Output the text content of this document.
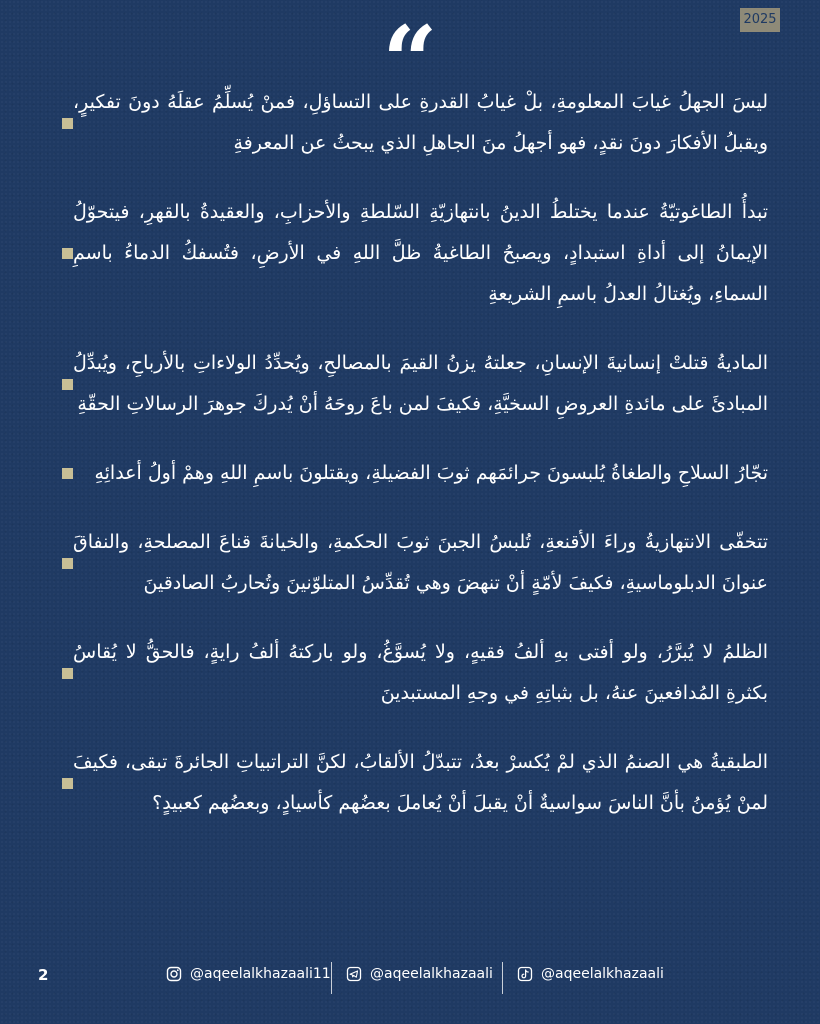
2025
“
ليسَ الجهلُ غيابَ المعلومةِ، بلْ غيابُ القدرةِ على التساؤلِ، فمنْ يُسلِّمُ عقلَهُ دونَ تفكيرٍ، ويقبلُ الأفكارَ دونَ نقدٍ، فهو أجهلُ منَ الجاهلِ الذي يبحثُ عن المعرفةِ
تبدأُ الطاغوتيّةُ عندما يختلطُ الدينُ بانتهازيّةِ السّلطةِ والأحزابِ، والعقيدةُ بالقهرِ، فيتحوّلُ الإيمانُ إلى أداةِ استبدادٍ، ويصبحُ الطاغيةُ ظلَّ اللهِ في الأرضِ، فتُسفكُ الدماءُ باسمِ السماءِ، ويُغتالُ العدلُ باسمِ الشريعةِ
الماديةُ قتلتْ إنسانيةَ الإنسانِ، جعلتهُ يزنُ القيمَ بالمصالحِ، ويُحدِّدُ الولاءاتِ بالأرباحِ، ويُبدِّلُ المبادئَ على مائدةِ العروضِ السخيَّةِ، فكيفَ لمن باعَ روحَهُ أنْ يُدركَ جوهرَ الرسالاتِ الحقّةِ
تجّارُ السلاحِ والطغاةُ يُلبسونَ جرائمَهم ثوبَ الفضيلةِ، ويقتلونَ باسمِ اللهِ وهمْ أولُ أعدائِهِ
تتخفّى الانتهازيةُ وراءَ الأقنعةِ، تُلبسُ الجبنَ ثوبَ الحكمةِ، والخيانةَ قناعَ المصلحةِ، والنفاقَ عنوانَ الدبلوماسيةِ، فكيفَ لأمّةٍ أنْ تنهضَ وهي تُقدِّسُ المتلوّنينَ وتُحاربُ الصادقينَ
الظلمُ لا يُبرَّرُ، ولو أفتى بهِ ألفُ فقيهٍ، ولا يُسوَّغُ، ولو باركتهُ ألفُ رايةٍ، فالحقُّ لا يُقاسُ بكثرةِ المُدافعينَ عنهُ، بل بثباتِهِ في وجهِ المستبدينَ
الطبقيةُ هي الصنمُ الذي لمْ يُكسرْ بعدُ، تتبدّلُ الألقابُ، لكنَّ التراتبياتِ الجائرةَ تبقى، فكيفَ لمنْ يُؤمنُ بأنَّ الناسَ سواسيةٌ أنْ يقبلَ أنْ يُعاملَ بعضُهم كأسيادٍ، وبعضُهم كعبيدٍ؟
2	@aqeelalkhazaali11	@aqeelalkhazaali	@aqeelalkhazaali
